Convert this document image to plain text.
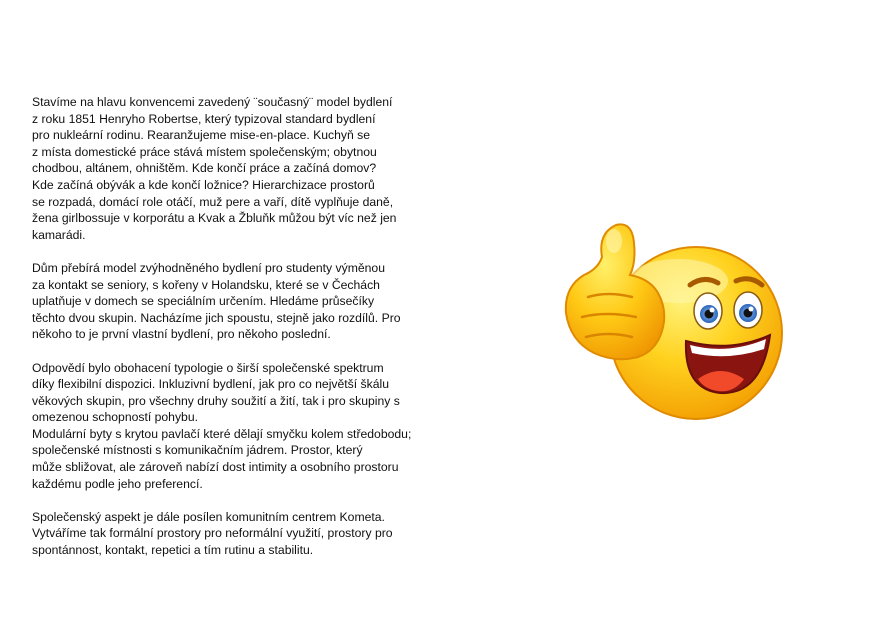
Stavíme na hlavu konvencemi zavedený ¨současný¨ model bydlení
z roku 1851 Henryho Robertse, který typizoval standard bydlení
pro nukleární rodinu. Rearanžujeme mise-en-place. Kuchyň se
z místa domestické práce stává místem společenským; obytnou
chodbou, altánem, ohništěm. Kde končí práce a začíná domov?
Kde začíná obývák a kde končí ložnice? Hierarchizace prostorů
se rozpadá, domácí role otáčí, muž pere a vaří, dítě vyplňuje daně,
žena girlbossuje v korporátu a Kvak a Žbluňk můžou být víc než jen
kamarádi.

Dům přebírá model zvýhodněného bydlení pro studenty výměnou
za kontakt se seniory, s kořeny v Holandsku, které se v Čechách
uplatňuje v domech se speciálním určením. Hledáme průsečíky
těchto dvou skupin. Nacházíme jich spoustu, stejně jako rozdílů. Pro
někoho to je první vlastní bydlení, pro někoho poslední.

Odpovědí bylo obohacení typologie o širší společenské spektrum
díky flexibilní dispozici. Inkluzivní bydlení, jak pro co největší škálu
věkových skupin, pro všechny druhy soužití a žití, tak i pro skupiny s
omezenou schopností pohybu.

Modulární byty s krytou pavlačí které dělají smyčku kolem středobodu;
společenské místnosti s komunikačním jádrem. Prostor, který
může sbližovat, ale zároveň nabízí dost intimity a osobního prostoru
každému podle jeho preferencí.

Společenský aspekt je dále posílen komunitním centrem Kometa.
Vytváříme tak formální prostory pro neformální využití, prostory pro
spontánnost, kontakt, repetici a tím rutinu a stabilitu.
